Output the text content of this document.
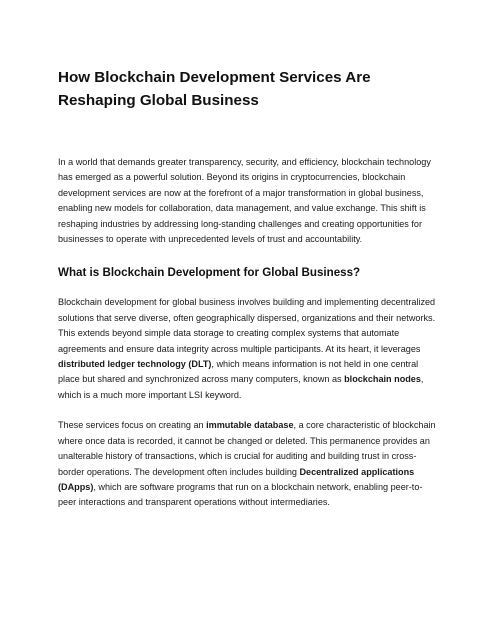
How Blockchain Development Services Are Reshaping Global Business

In a world that demands greater transparency, security, and efficiency, blockchain technology has emerged as a powerful solution. Beyond its origins in cryptocurrencies, blockchain development services are now at the forefront of a major transformation in global business, enabling new models for collaboration, data management, and value exchange. This shift is reshaping industries by addressing long-standing challenges and creating opportunities for businesses to operate with unprecedented levels of trust and accountability.

What is Blockchain Development for Global Business?

Blockchain development for global business involves building and implementing decentralized solutions that serve diverse, often geographically dispersed, organizations and their networks. This extends beyond simple data storage to creating complex systems that automate agreements and ensure data integrity across multiple participants. At its heart, it leverages distributed ledger technology (DLT), which means information is not held in one central place but shared and synchronized across many computers, known as blockchain nodes, which is a much more important LSI keyword.

These services focus on creating an immutable database, a core characteristic of blockchain where once data is recorded, it cannot be changed or deleted. This permanence provides an unalterable history of transactions, which is crucial for auditing and building trust in cross-border operations. The development often includes building Decentralized applications (DApps), which are software programs that run on a blockchain network, enabling peer-to-peer interactions and transparent operations without intermediaries.
